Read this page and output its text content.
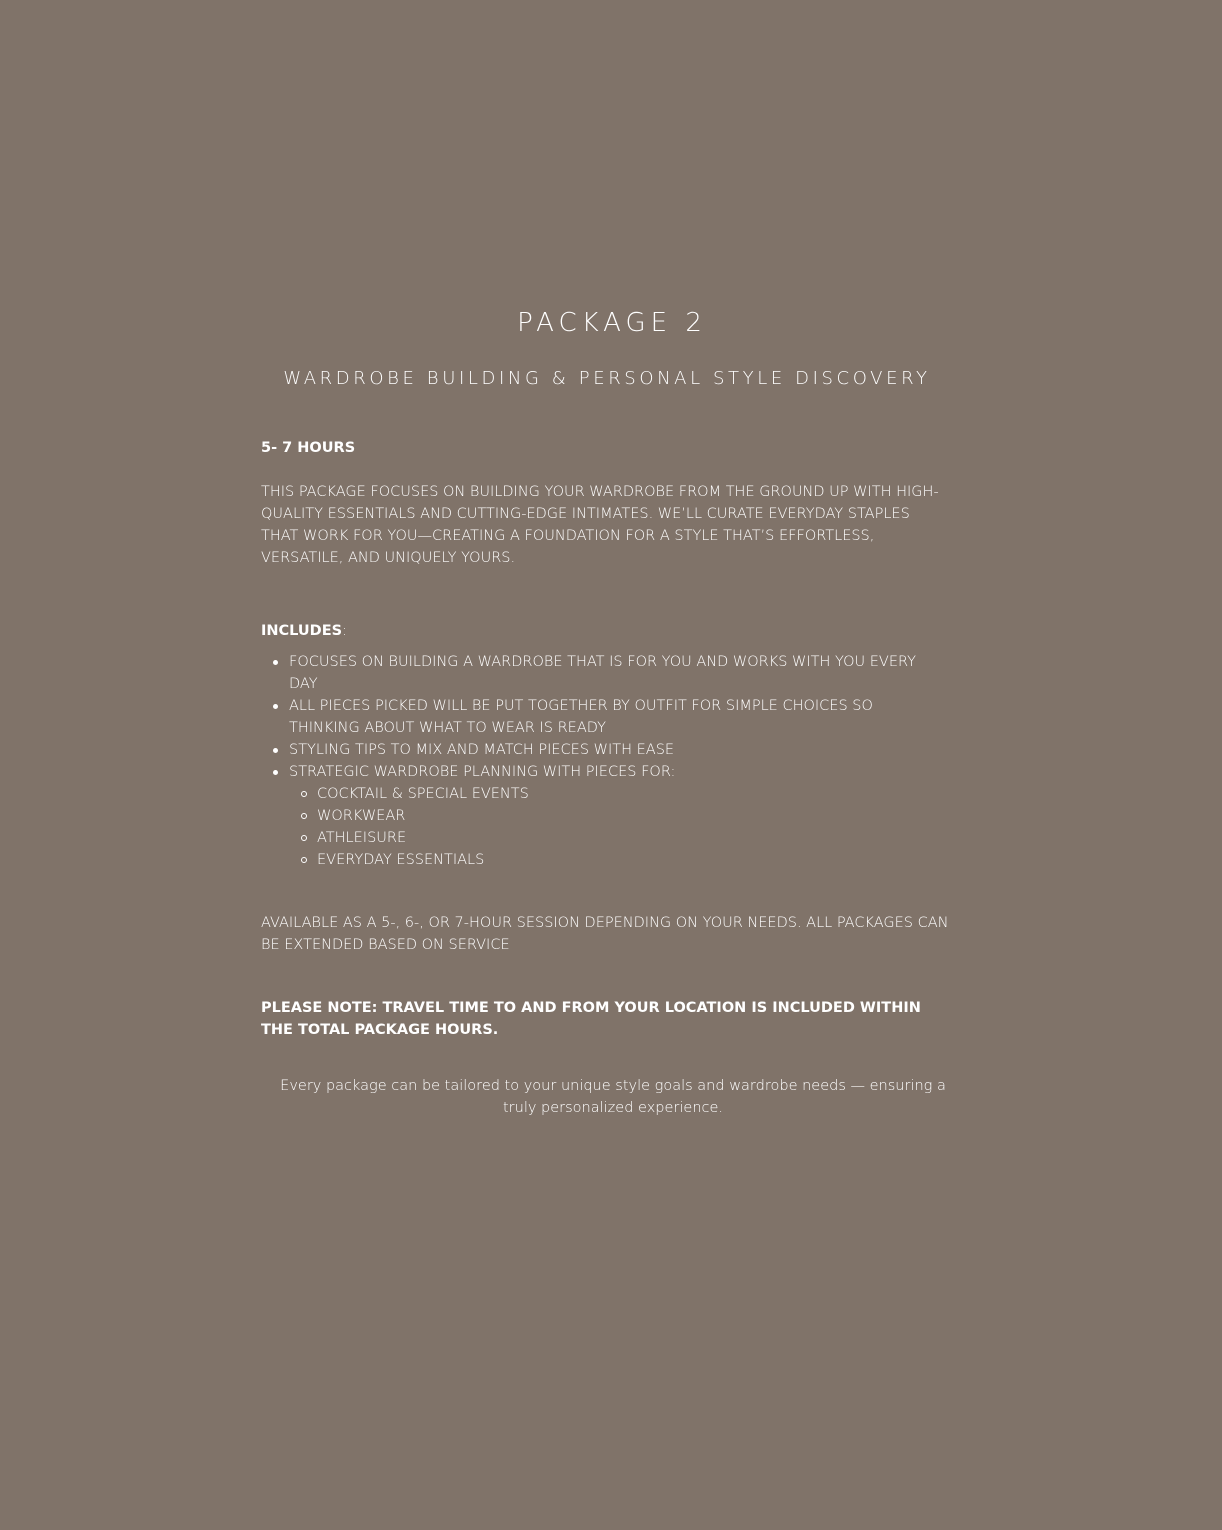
PACKAGE 2
WARDROBE BUILDING & PERSONAL STYLE DISCOVERY
5- 7 HOURS
THIS PACKAGE FOCUSES ON BUILDING YOUR WARDROBE FROM THE GROUND UP WITH HIGH-QUALITY ESSENTIALS AND CUTTING-EDGE INTIMATES. WE’LL CURATE EVERYDAY STAPLES THAT WORK FOR YOU—CREATING A FOUNDATION FOR A STYLE THAT’S EFFORTLESS, VERSATILE, AND UNIQUELY YOURS.
INCLUDES:
FOCUSES ON BUILDING A WARDROBE THAT IS FOR YOU AND WORKS WITH YOU EVERY DAY
ALL PIECES PICKED WILL BE PUT TOGETHER BY OUTFIT FOR SIMPLE CHOICES SO THINKING ABOUT WHAT TO WEAR IS READY
STYLING TIPS TO MIX AND MATCH PIECES WITH EASE
STRATEGIC WARDROBE PLANNING WITH PIECES FOR:
COCKTAIL & SPECIAL EVENTS
WORKWEAR
ATHLEISURE
EVERYDAY ESSENTIALS
AVAILABLE AS A 5-, 6-, OR 7-HOUR SESSION DEPENDING ON YOUR NEEDS. ALL PACKAGES CAN BE EXTENDED BASED ON SERVICE
PLEASE NOTE: TRAVEL TIME TO AND FROM YOUR LOCATION IS INCLUDED WITHIN THE TOTAL PACKAGE HOURS.

Every package can be tailored to your unique style goals and wardrobe needs — ensuring a truly personalized experience.
